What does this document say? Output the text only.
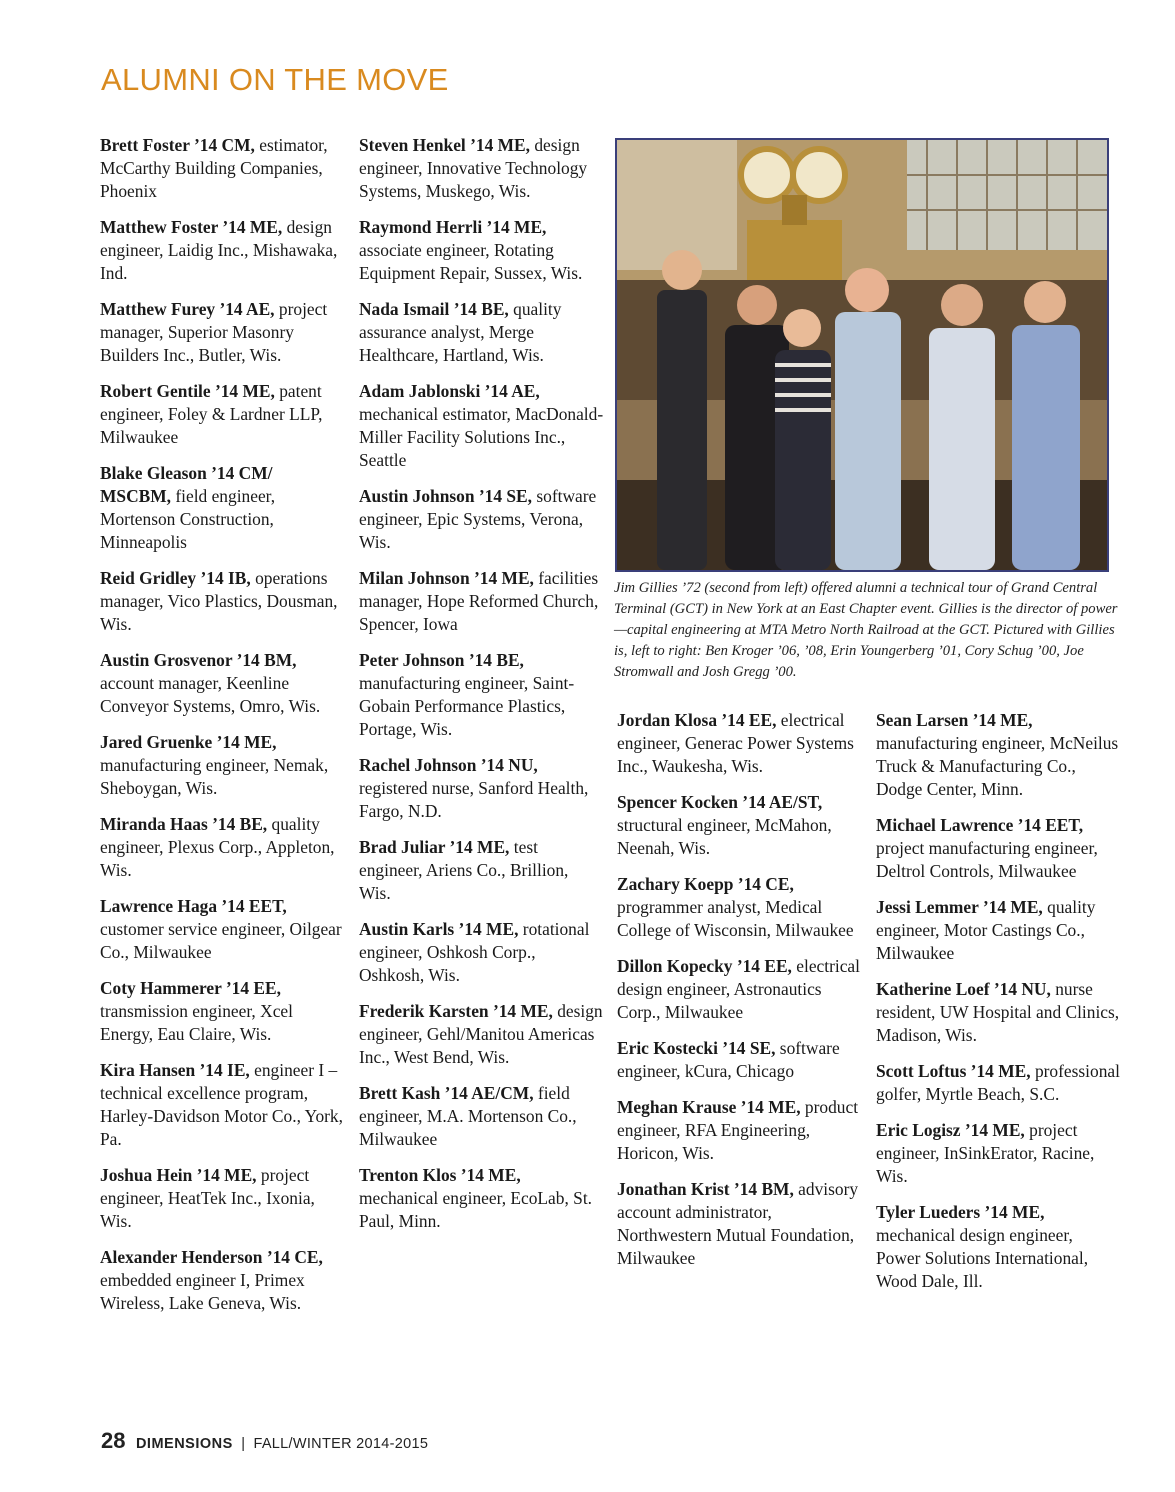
ALUMNI ON THE MOVE

Brett Foster ’14 CM, estimator, McCarthy Building Companies, Phoenix

Matthew Foster ’14 ME, design engineer, Laidig Inc., Mishawaka, Ind.

Matthew Furey ’14 AE, project manager, Superior Masonry Builders Inc., Butler, Wis.

Robert Gentile ’14 ME, patent engineer, Foley & Lardner LLP, Milwaukee

Blake Gleason ’14 CM/ MSCBM, field engineer, Mortenson Construction, Minneapolis

Reid Gridley ’14 IB, operations manager, Vico Plastics, Dousman, Wis.

Austin Grosvenor ’14 BM, account manager, Keenline Conveyor Systems, Omro, Wis.

Jared Gruenke ’14 ME, manufacturing engineer, Nemak, Sheboygan, Wis.

Miranda Haas ’14 BE, quality engineer, Plexus Corp., Appleton, Wis.

Lawrence Haga ’14 EET, customer service engineer, Oilgear Co., Milwaukee

Coty Hammerer ’14 EE, transmission engineer, Xcel Energy, Eau Claire, Wis.

Kira Hansen ’14 IE, engineer I – technical excellence program, Harley-Davidson Motor Co., York, Pa.

Joshua Hein ’14 ME, project engineer, HeatTek Inc., Ixonia, Wis.

Alexander Henderson ’14 CE, embedded engineer I, Primex Wireless, Lake Geneva, Wis.

Steven Henkel ’14 ME, design engineer, Innovative Technology Systems, Muskego, Wis.

Raymond Herrli ’14 ME, associate engineer, Rotating Equipment Repair, Sussex, Wis.

Nada Ismail ’14 BE, quality assurance analyst, Merge Healthcare, Hartland, Wis.

Adam Jablonski ’14 AE, mechanical estimator, MacDonald-Miller Facility Solutions Inc., Seattle

Austin Johnson ’14 SE, software engineer, Epic Systems, Verona, Wis.

Milan Johnson ’14 ME, facilities manager, Hope Reformed Church, Spencer, Iowa

Peter Johnson ’14 BE, manufacturing engineer, Saint-Gobain Performance Plastics, Portage, Wis.

Rachel Johnson ’14 NU, registered nurse, Sanford Health, Fargo, N.D.

Brad Juliar ’14 ME, test engineer, Ariens Co., Brillion, Wis.

Austin Karls ’14 ME, rotational engineer, Oshkosh Corp., Oshkosh, Wis.

Frederik Karsten ’14 ME, design engineer, Gehl/Manitou Americas Inc., West Bend, Wis.

Brett Kash ’14 AE/CM, field engineer, M.A. Mortenson Co., Milwaukee

Trenton Klos ’14 ME, mechanical engineer, EcoLab, St. Paul, Minn.

Jim Gillies ’72 (second from left) offered alumni a technical tour of Grand Central Terminal (GCT) in New York at an East Chapter event. Gillies is the director of power—capital engineering at MTA Metro North Railroad at the GCT. Pictured with Gillies is, left to right: Ben Kroger ’06, ’08, Erin Youngerberg ’01, Cory Schug ’00, Joe Stromwall and Josh Gregg ’00.

Jordan Klosa ’14 EE, electrical engineer, Generac Power Systems Inc., Waukesha, Wis.

Spencer Kocken ’14 AE/ST, structural engineer, McMahon, Neenah, Wis.

Zachary Koepp ’14 CE, programmer analyst, Medical College of Wisconsin, Milwaukee

Dillon Kopecky ’14 EE, electrical design engineer, Astronautics Corp., Milwaukee

Eric Kostecki ’14 SE, software engineer, kCura, Chicago

Meghan Krause ’14 ME, product engineer, RFA Engineering, Horicon, Wis.

Jonathan Krist ’14 BM, advisory account administrator, Northwestern Mutual Foundation, Milwaukee

Sean Larsen ’14 ME, manufacturing engineer, McNeilus Truck & Manufacturing Co., Dodge Center, Minn.

Michael Lawrence ’14 EET, project manufacturing engineer, Deltrol Controls, Milwaukee

Jessi Lemmer ’14 ME, quality engineer, Motor Castings Co., Milwaukee

Katherine Loef ’14 NU, nurse resident, UW Hospital and Clinics, Madison, Wis.

Scott Loftus ’14 ME, professional golfer, Myrtle Beach, S.C.

Eric Logisz ’14 ME, project engineer, InSinkErator, Racine, Wis.

Tyler Lueders ’14 ME, mechanical design engineer, Power Solutions International, Wood Dale, Ill.

28 DIMENSIONS | FALL/WINTER 2014-2015
